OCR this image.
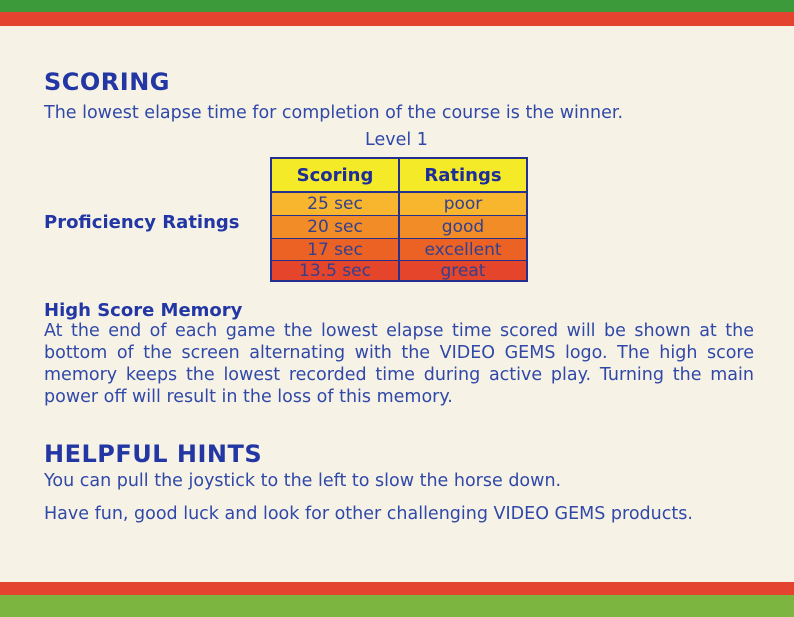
SCORING
The lowest elapse time for completion of the course is the winner.
Level 1
Proficiency Ratings
Scoring	Ratings
25 sec	poor
20 sec	good
17 sec	excellent
13.5 sec	great
High Score Memory
At the end of each game the lowest elapse time scored will be shown at the bottom of the screen alternating with the VIDEO GEMS logo. The high score memory keeps the lowest recorded time during active play. Turning the main power off will result in the loss of this memory.
HELPFUL HINTS
You can pull the joystick to the left to slow the horse down.
Have fun, good luck and look for other challenging VIDEO GEMS products.
